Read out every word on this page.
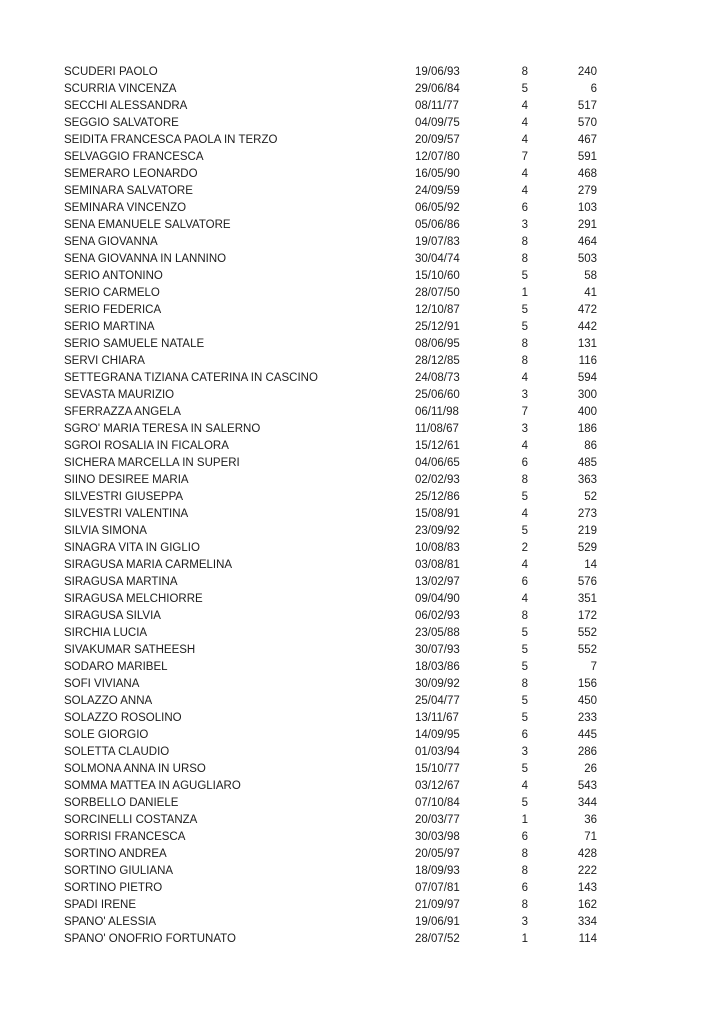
SCUDERI PAOLO	19/06/93	8	240
SCURRIA VINCENZA	29/06/84	5	6
SECCHI ALESSANDRA	08/11/77	4	517
SEGGIO SALVATORE	04/09/75	4	570
SEIDITA FRANCESCA PAOLA IN TERZO	20/09/57	4	467
SELVAGGIO FRANCESCA	12/07/80	7	591
SEMERARO LEONARDO	16/05/90	4	468
SEMINARA SALVATORE	24/09/59	4	279
SEMINARA VINCENZO	06/05/92	6	103
SENA EMANUELE SALVATORE	05/06/86	3	291
SENA GIOVANNA	19/07/83	8	464
SENA GIOVANNA IN LANNINO	30/04/74	8	503
SERIO ANTONINO	15/10/60	5	58
SERIO CARMELO	28/07/50	1	41
SERIO FEDERICA	12/10/87	5	472
SERIO MARTINA	25/12/91	5	442
SERIO SAMUELE NATALE	08/06/95	8	131
SERVI CHIARA	28/12/85	8	116
SETTEGRANA TIZIANA CATERINA IN CASCINO	24/08/73	4	594
SEVASTA MAURIZIO	25/06/60	3	300
SFERRAZZA ANGELA	06/11/98	7	400
SGRO' MARIA TERESA IN SALERNO	11/08/67	3	186
SGROI ROSALIA IN FICALORA	15/12/61	4	86
SICHERA MARCELLA IN SUPERI	04/06/65	6	485
SIINO DESIREE MARIA	02/02/93	8	363
SILVESTRI GIUSEPPA	25/12/86	5	52
SILVESTRI VALENTINA	15/08/91	4	273
SILVIA SIMONA	23/09/92	5	219
SINAGRA VITA IN GIGLIO	10/08/83	2	529
SIRAGUSA MARIA CARMELINA	03/08/81	4	14
SIRAGUSA MARTINA	13/02/97	6	576
SIRAGUSA MELCHIORRE	09/04/90	4	351
SIRAGUSA SILVIA	06/02/93	8	172
SIRCHIA LUCIA	23/05/88	5	552
SIVAKUMAR SATHEESH	30/07/93	5	552
SODARO MARIBEL	18/03/86	5	7
SOFI VIVIANA	30/09/92	8	156
SOLAZZO ANNA	25/04/77	5	450
SOLAZZO ROSOLINO	13/11/67	5	233
SOLE GIORGIO	14/09/95	6	445
SOLETTA CLAUDIO	01/03/94	3	286
SOLMONA ANNA IN URSO	15/10/77	5	26
SOMMA MATTEA IN AGUGLIARO	03/12/67	4	543
SORBELLO DANIELE	07/10/84	5	344
SORCINELLI COSTANZA	20/03/77	1	36
SORRISI FRANCESCA	30/03/98	6	71
SORTINO ANDREA	20/05/97	8	428
SORTINO GIULIANA	18/09/93	8	222
SORTINO PIETRO	07/07/81	6	143
SPADI IRENE	21/09/97	8	162
SPANO' ALESSIA	19/06/91	3	334
SPANO' ONOFRIO FORTUNATO	28/07/52	1	114
